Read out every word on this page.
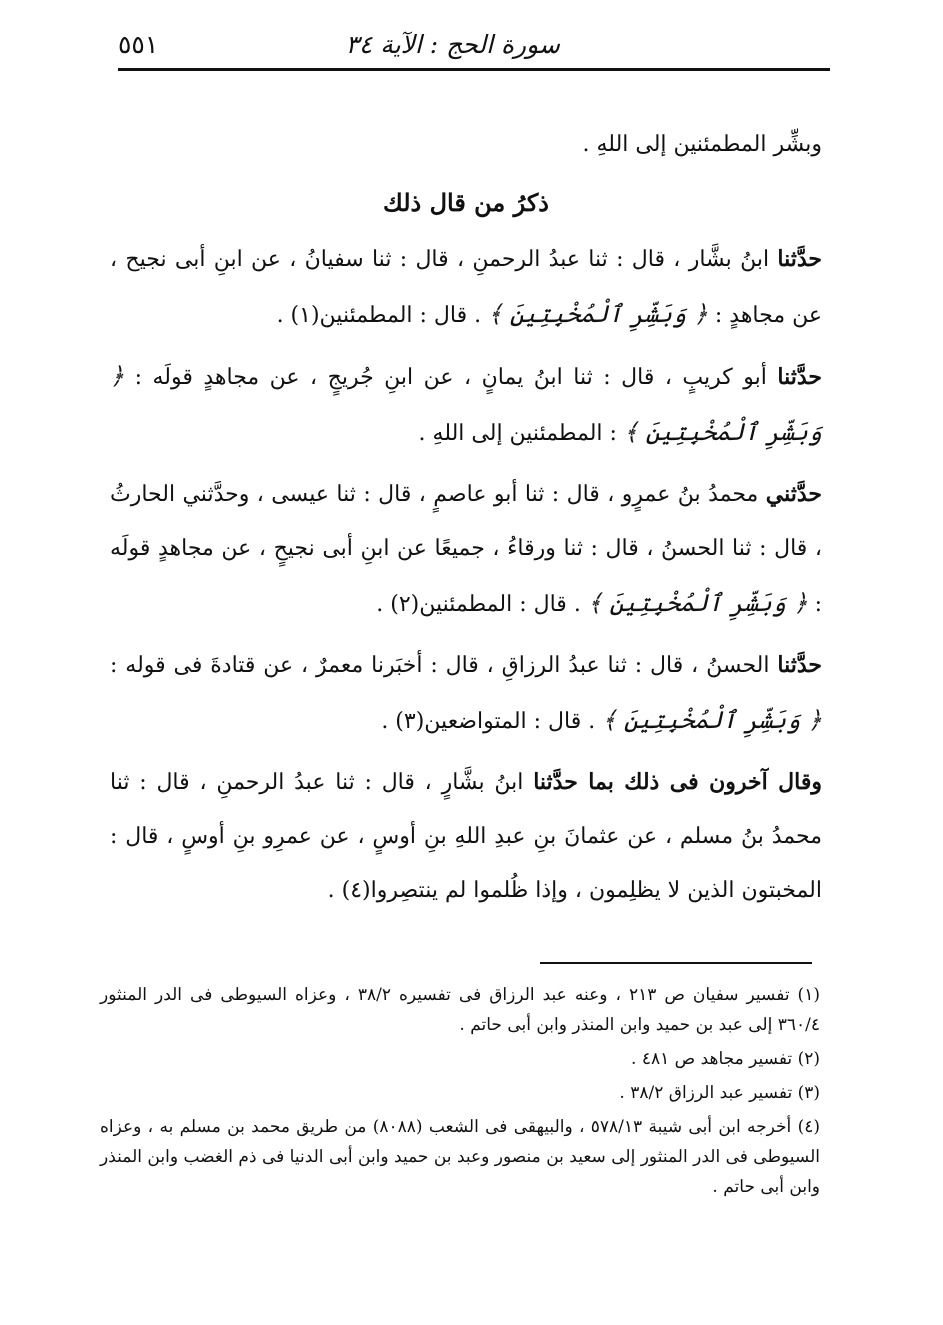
٥٥١	سورة الحج : الآية ٣٤

وبشِّر المطمئنين إلى اللهِ .

ذكرُ من قال ذلك

حدَّثنا ابنُ بشَّار ، قال : ثنا عبدُ الرحمنِ ، قال : ثنا سفيانُ ، عن ابنِ أبى نجيح ، عن مجاهدٍ : ﴿ وَبَشِّرِ ٱلْمُخْبِتِينَ ﴾ . قال : المطمئنين(١) .

حدَّثنا أبو كريبٍ ، قال : ثنا ابنُ يمانٍ ، عن ابنِ جُريجٍ ، عن مجاهدٍ قولَه : ﴿ وَبَشِّرِ ٱلْمُخْبِتِينَ ﴾ : المطمئنين إلى اللهِ .

حدَّثني محمدُ بنُ عمرٍو ، قال : ثنا أبو عاصمٍ ، قال : ثنا عيسى ، وحدَّثني الحارثُ ، قال : ثنا الحسنُ ، قال : ثنا ورقاءُ ، جميعًا عن ابنِ أبى نجيحٍ ، عن مجاهدٍ قولَه : ﴿ وَبَشِّرِ ٱلْمُخْبِتِينَ ﴾ . قال : المطمئنين(٢) .

حدَّثنا الحسنُ ، قال : ثنا عبدُ الرزاقِ ، قال : أخبَرنا معمرٌ ، عن قتادةَ فى قوله : ﴿ وَبَشِّرِ ٱلْمُخْبِتِينَ ﴾ . قال : المتواضعين(٣) .

وقال آخرون فى ذلك بما حدَّثنا ابنُ بشَّارٍ ، قال : ثنا عبدُ الرحمنِ ، قال : ثنا محمدُ بنُ مسلم ، عن عثمانَ بنِ عبدِ اللهِ بنِ أوسٍ ، عن عمرِو بنِ أوسٍ ، قال : المخبتون الذين لا يظلِمون ، وإذا ظُلموا لم ينتصِروا(٤) .

(١) تفسير سفيان ص ٢١٣ ، وعنه عبد الرزاق فى تفسيره ٣٨/٢ ، وعزاه السيوطى فى الدر المنثور ٣٦٠/٤ إلى عبد بن حميد وابن المنذر وابن أبى حاتم .

(٢) تفسير مجاهد ص ٤٨١ .

(٣) تفسير عبد الرزاق ٣٨/٢ .

(٤) أخرجه ابن أبى شيبة ٥٧٨/١٣ ، والبيهقى فى الشعب (٨٠٨٨) من طريق محمد بن مسلم به ، وعزاه السيوطى فى الدر المنثور إلى سعيد بن منصور وعبد بن حميد وابن أبى الدنيا فى ذم الغضب وابن المنذر وابن أبى حاتم .
